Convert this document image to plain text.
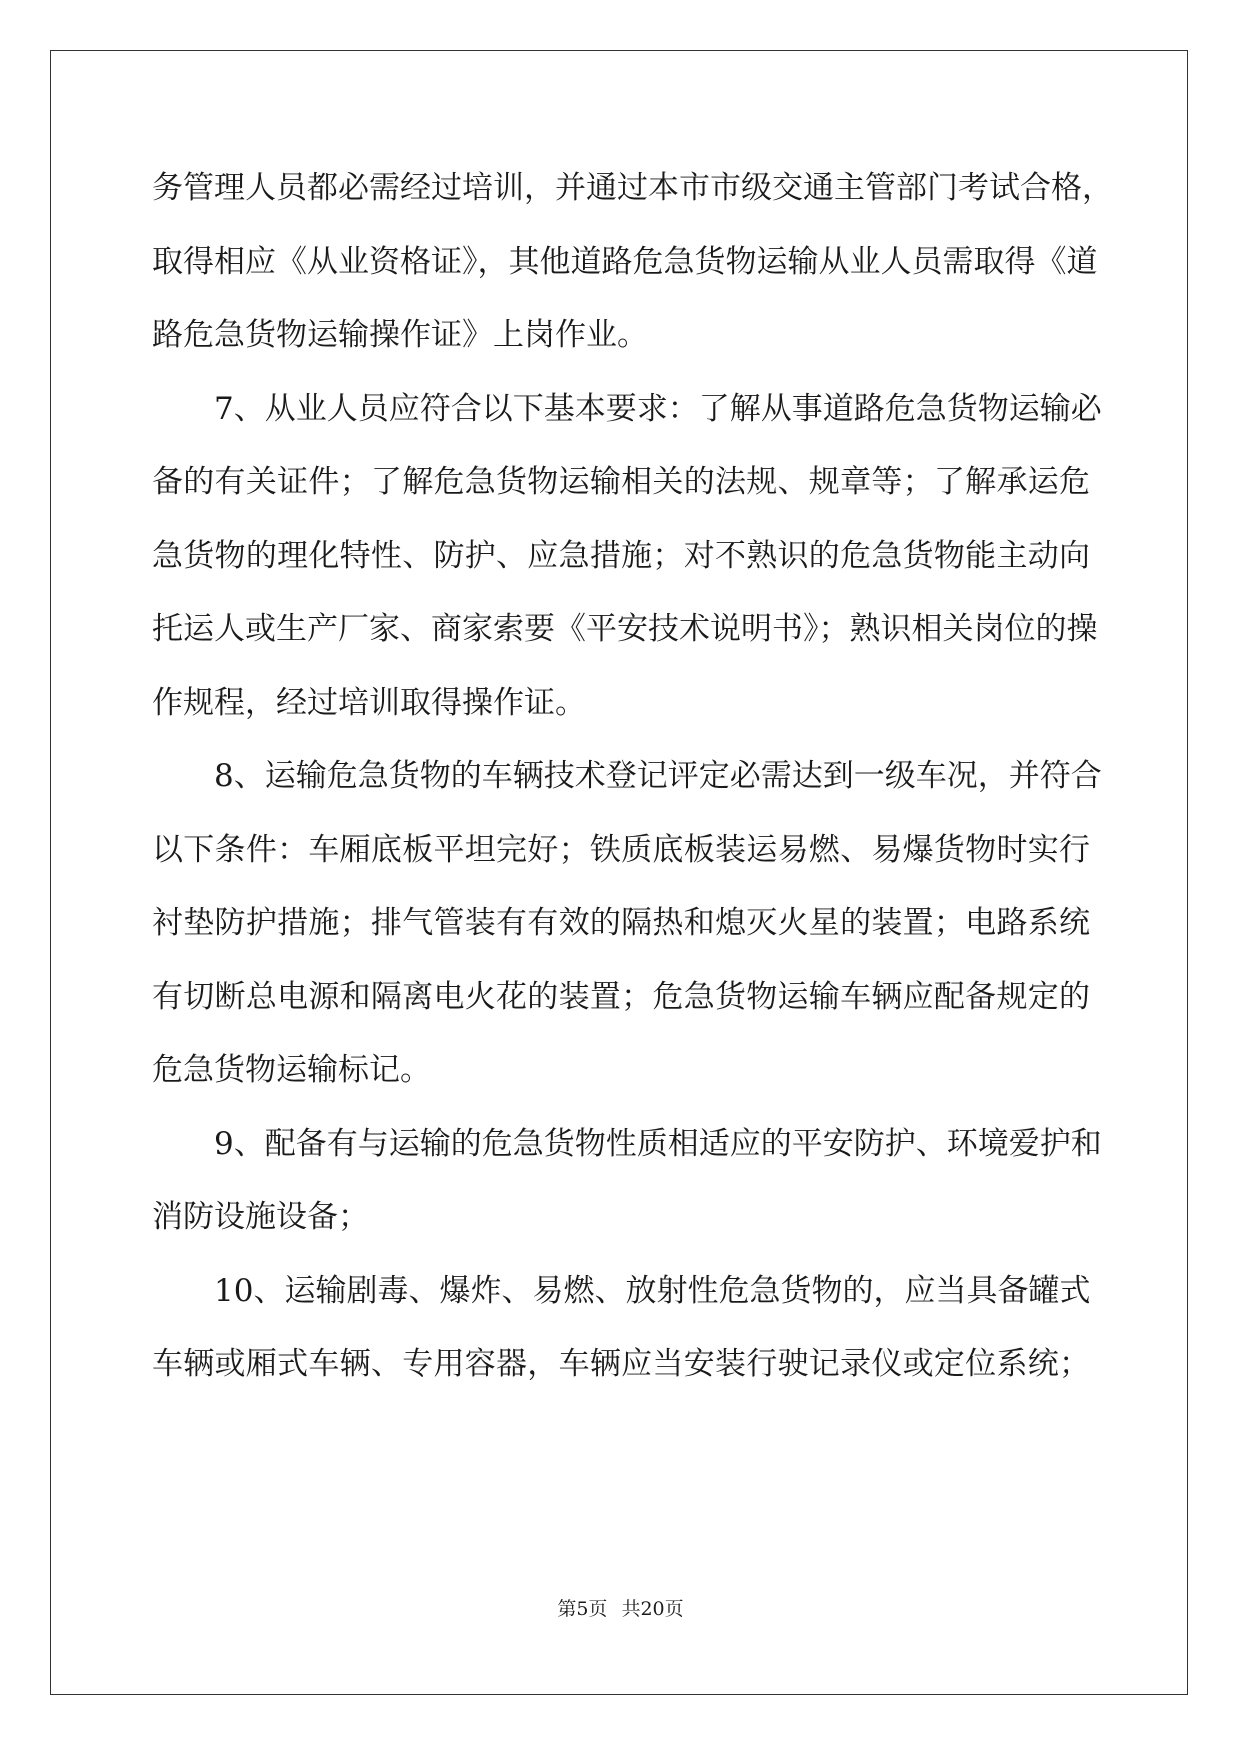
务管理人员都必需经过培训，并通过本市市级交通主管部门考试合格，
取得相应《从业资格证》，其他道路危急货物运输从业人员需取得《道
路危急货物运输操作证》上岗作业。
7、从业人员应符合以下基本要求：了解从事道路危急货物运输必
备的有关证件；了解危急货物运输相关的法规、规章等；了解承运危
急货物的理化特性、防护、应急措施；对不熟识的危急货物能主动向
托运人或生产厂家、商家索要《平安技术说明书》；熟识相关岗位的操
作规程，经过培训取得操作证。
8、运输危急货物的车辆技术登记评定必需达到一级车况，并符合
以下条件：车厢底板平坦完好；铁质底板装运易燃、易爆货物时实行
衬垫防护措施；排气管装有有效的隔热和熄灭火星的装置；电路系统
有切断总电源和隔离电火花的装置；危急货物运输车辆应配备规定的
危急货物运输标记。
9、配备有与运输的危急货物性质相适应的平安防护、环境爱护和
消防设施设备；
10、运输剧毒、爆炸、易燃、放射性危急货物的，应当具备罐式
车辆或厢式车辆、专用容器，车辆应当安装行驶记录仪或定位系统；
第5页 共20页
